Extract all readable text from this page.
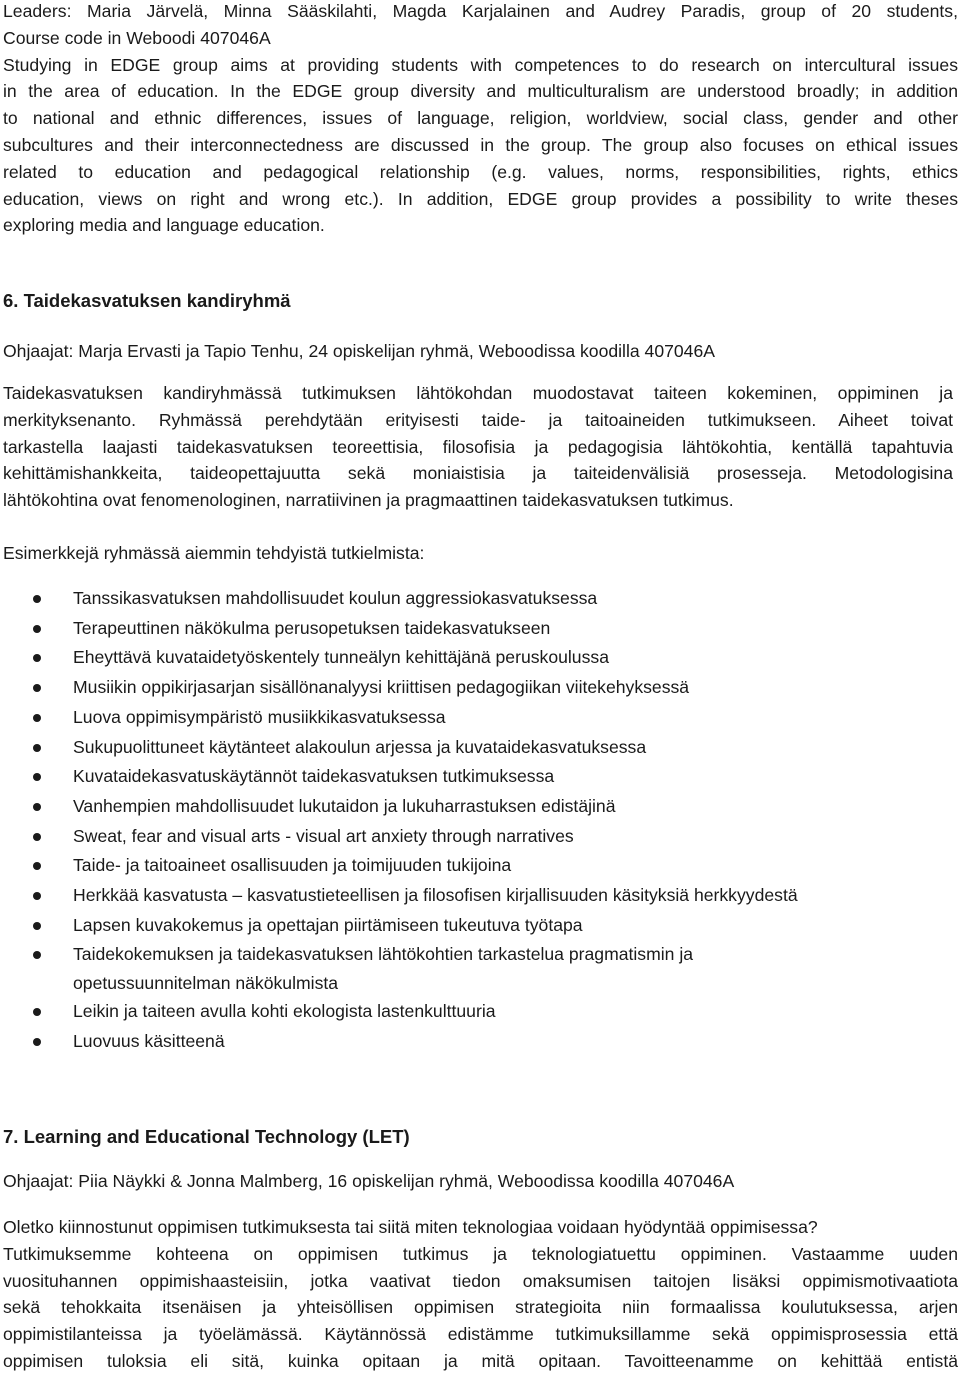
Leaders: Maria Järvelä, Minna Sääskilahti, Magda Karjalainen and Audrey Paradis, group of 20 students,
Course code in Weboodi 407046A
Studying in EDGE group aims at providing students with competences to do research on intercultural issues
in the area of education. In the EDGE group diversity and multiculturalism are understood broadly; in addition
to national and ethnic differences, issues of language, religion, worldview, social class, gender and other
subcultures and their interconnectedness are discussed in the group. The group also focuses on ethical issues
related to education and pedagogical relationship (e.g. values, norms, responsibilities, rights, ethics
education, views on right and wrong etc.). In addition, EDGE group provides a possibility to write theses
exploring media and language education.
6. Taidekasvatuksen kandiryhmä

Ohjaajat: Marja Ervasti ja Tapio Tenhu, 24 opiskelijan ryhmä, Weboodissa koodilla 407046A

Taidekasvatuksen kandiryhmässä tutkimuksen lähtökohdan muodostavat taiteen kokeminen, oppiminen ja
merkityksenanto. Ryhmässä perehdytään erityisesti taide- ja taitoaineiden tutkimukseen. Aiheet toivat
tarkastella laajasti taidekasvatuksen teoreettisia, filosofisia ja pedagogisia lähtökohtia, kentällä tapahtuvia
kehittämishankkeita, taideopettajuutta sekä moniaistisia ja taiteidenvälisiä prosesseja. Metodologisina
lähtökohtina ovat fenomenologinen, narratiivinen ja pragmaattinen taidekasvatuksen tutkimus.

Esimerkkejä ryhmässä aiemmin tehdyistä tutkielmista:

Tanssikasvatuksen mahdollisuudet koulun aggressiokasvatuksessa
Terapeuttinen näkökulma perusopetuksen taidekasvatukseen
Eheyttävä kuvataidetyöskentely tunneälyn kehittäjänä peruskoulussa
Musiikin oppikirjasarjan sisällönanalyysi kriittisen pedagogiikan viitekehyksessä
Luova oppimisympäristö musiikkikasvatuksessa
Sukupuolittuneet käytänteet alakoulun arjessa ja kuvataidekasvatuksessa
Kuvataidekasvatuskäytännöt taidekasvatuksen tutkimuksessa
Vanhempien mahdollisuudet lukutaidon ja lukuharrastuksen edistäjinä
Sweat, fear and visual arts - visual art anxiety through narratives
Taide- ja taitoaineet osallisuuden ja toimijuuden tukijoina
Herkkää kasvatusta – kasvatustieteellisen ja filosofisen kirjallisuuden käsityksiä herkkyydestä
Lapsen kuvakokemus ja opettajan piirtämiseen tukeutuva työtapa
Taidekokemuksen ja taidekasvatuksen lähtökohtien tarkastelua pragmatismin ja
opetussuunnitelman näkökulmista
Leikin ja taiteen avulla kohti ekologista lastenkulttuuria
Luovuus käsitteenä
7. Learning and Educational Technology (LET)

Ohjaajat: Piia Näykki & Jonna Malmberg, 16 opiskelijan ryhmä, Weboodissa koodilla 407046A

Oletko kiinnostunut oppimisen tutkimuksesta tai siitä miten teknologiaa voidaan hyödyntää oppimisessa?
Tutkimuksemme kohteena on oppimisen tutkimus ja teknologiatuettu oppiminen. Vastaamme uuden
vuosituhannen oppimishaasteisiin, jotka vaativat tiedon omaksumisen taitojen lisäksi oppimismotivaatiota
sekä tehokkaita itsenäisen ja yhteisöllisen oppimisen strategioita niin formaalissa koulutuksessa, arjen
oppimistilanteissa ja työelämässä. Käytännössä edistämme tutkimuksillamme sekä oppimisprosessia että
oppimisen tuloksia eli sitä, kuinka opitaan ja mitä opitaan. Tavoitteenamme on kehittää entistä
